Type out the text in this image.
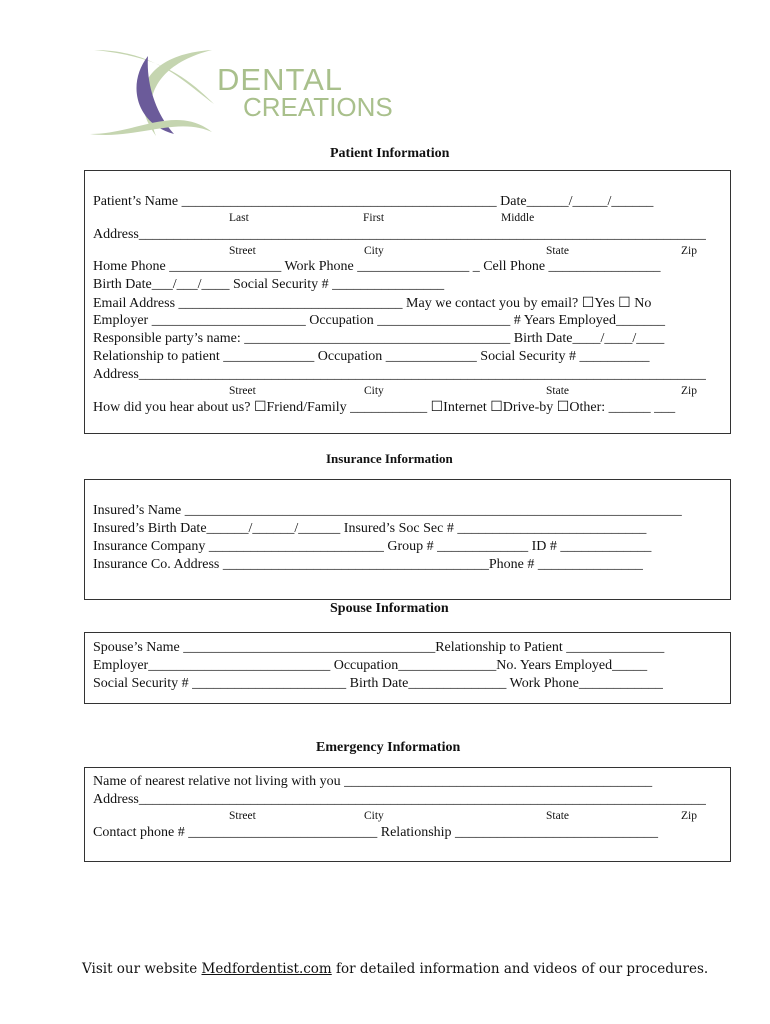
DENTAL
CREATIONS
Patient Information
Patient’s Name _____________________________________________ Date______/_____/______
Last	First	Middle
Address_________________________________________________________________________________
Street	City	State	Zip
Home Phone ________________ Work Phone ________________ _ Cell Phone ________________
Birth Date___/___/____ Social Security # ________________
Email Address ________________________________ May we contact you by email? ☐Yes ☐ No
Employer ______________________ Occupation ___________________ # Years Employed_______
Responsible party’s name: ______________________________________ Birth Date____/____/____
Relationship to patient _____________ Occupation _____________ Social Security # __________
Address_________________________________________________________________________________
Street	City	State	Zip
How did you hear about us? ☐Friend/Family ___________ ☐Internet ☐Drive-by ☐Other: ______ ___
Insurance Information
Insured’s Name _______________________________________________________________________
Insured’s Birth Date______/______/______ Insured’s Soc Sec # ___________________________
Insurance Company _________________________ Group # _____________ ID # _____________
Insurance Co. Address ______________________________________Phone # _______________
Spouse Information
Spouse’s Name ____________________________________Relationship to Patient ______________
Employer__________________________ Occupation______________No. Years Employed_____
Social Security # ______________________ Birth Date______________ Work Phone____________
Emergency Information
Name of nearest relative not living with you ____________________________________________
Address_________________________________________________________________________________
Street	City	State	Zip
Contact phone # ___________________________ Relationship _____________________________
Visit our website Medfordentist.com for detailed information and videos of our procedures.
